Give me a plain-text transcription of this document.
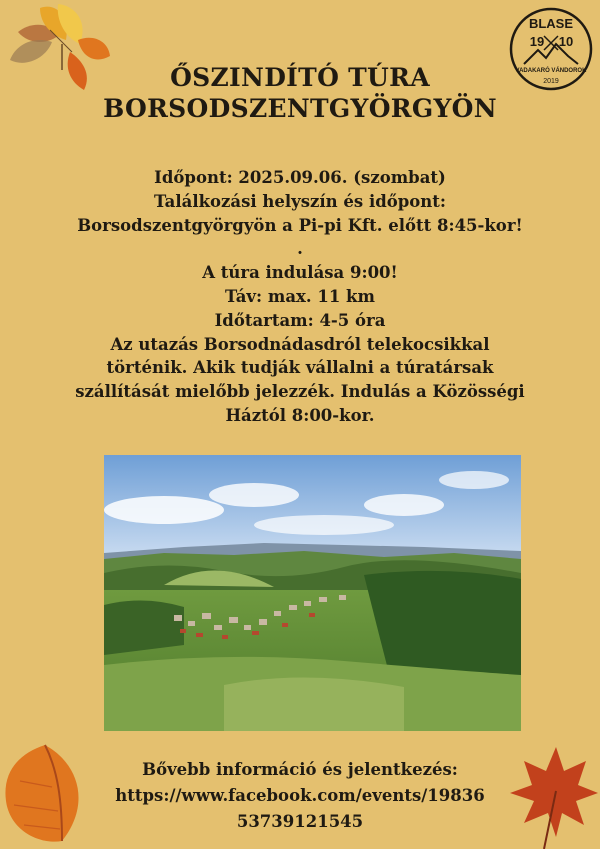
BLASE
19 10
VADAKARÓ VÁNDOROK
2019
ŐSZINDÍTÓ TÚRA
BORSODSZENTGYÖRGYÖN
Időpont: 2025.09.06. (szombat)
Találkozási helyszín és időpont:
Borsodszentgyörgyön a Pi-pi Kft. előtt 8:45-kor!
.
A túra indulása 9:00!
Táv: max. 11 km
Időtartam: 4-5 óra
Az utazás Borsodnádasdról telekocsikkal
történik. Akik tudják vállalni a túratársak
szállítását mielőbb jelezzék. Indulás a Közösségi
Háztól 8:00-kor.
Bővebb információ és jelentkezés:
https://www.facebook.com/events/19836
53739121545
